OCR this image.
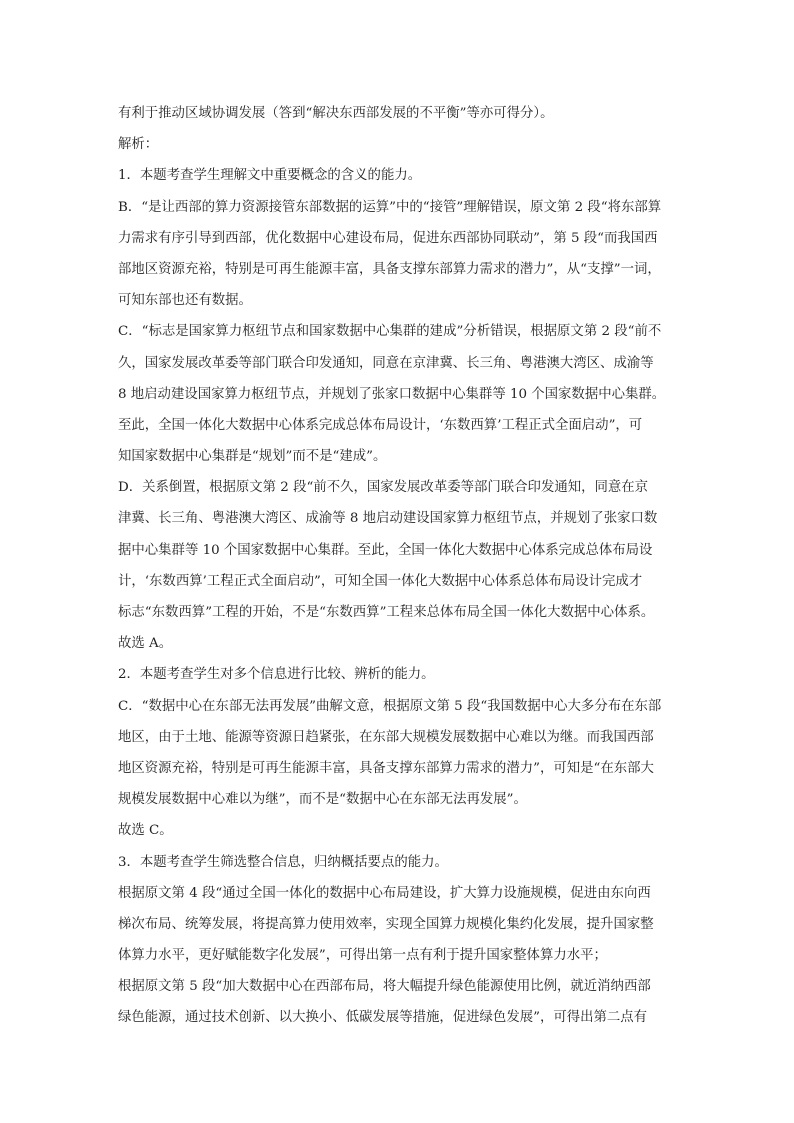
有利于推动区域协调发展（答到“解决东西部发展的不平衡”等亦可得分）。
解析：
1．本题考查学生理解文中重要概念的含义的能力。
B．“是让西部的算力资源接管东部数据的运算”中的“接管”理解错误，原文第 2 段“将东部算
力需求有序引导到西部，优化数据中心建设布局，促进东西部协同联动”，第 5 段“而我国西
部地区资源充裕，特别是可再生能源丰富，具备支撑东部算力需求的潜力”，从“支撑”一词，
可知东部也还有数据。
C．“标志是国家算力枢纽节点和国家数据中心集群的建成”分析错误，根据原文第 2 段“前不
久，国家发展改革委等部门联合印发通知，同意在京津冀、长三角、粤港澳大湾区、成渝等
8 地启动建设国家算力枢纽节点，并规划了张家口数据中心集群等 10 个国家数据中心集群。
至此，全国一体化大数据中心体系完成总体布局设计，‘东数西算’工程正式全面启动”，可
知国家数据中心集群是“规划”而不是“建成”。
D．关系倒置，根据原文第 2 段“前不久，国家发展改革委等部门联合印发通知，同意在京
津冀、长三角、粤港澳大湾区、成渝等 8 地启动建设国家算力枢纽节点，并规划了张家口数
据中心集群等 10 个国家数据中心集群。至此，全国一体化大数据中心体系完成总体布局设
计，‘东数西算’工程正式全面启动”，可知全国一体化大数据中心体系总体布局设计完成才
标志“东数西算”工程的开始，不是“东数西算”工程来总体布局全国一体化大数据中心体系。
故选 A。
2．本题考查学生对多个信息进行比较、辨析的能力。
C．“数据中心在东部无法再发展”曲解文意，根据原文第 5 段“我国数据中心大多分布在东部
地区，由于土地、能源等资源日趋紧张，在东部大规模发展数据中心难以为继。而我国西部
地区资源充裕，特别是可再生能源丰富，具备支撑东部算力需求的潜力”，可知是“在东部大
规模发展数据中心难以为继”，而不是“数据中心在东部无法再发展”。
故选 C。
3．本题考查学生筛选整合信息，归纳概括要点的能力。
根据原文第 4 段“通过全国一体化的数据中心布局建设，扩大算力设施规模，促进由东向西
梯次布局、统筹发展，将提高算力使用效率，实现全国算力规模化集约化发展，提升国家整
体算力水平，更好赋能数字化发展”，可得出第一点有利于提升国家整体算力水平；
根据原文第 5 段“加大数据中心在西部布局，将大幅提升绿色能源使用比例，就近消纳西部
绿色能源，通过技术创新、以大换小、低碳发展等措施，促进绿色发展”，可得出第二点有
